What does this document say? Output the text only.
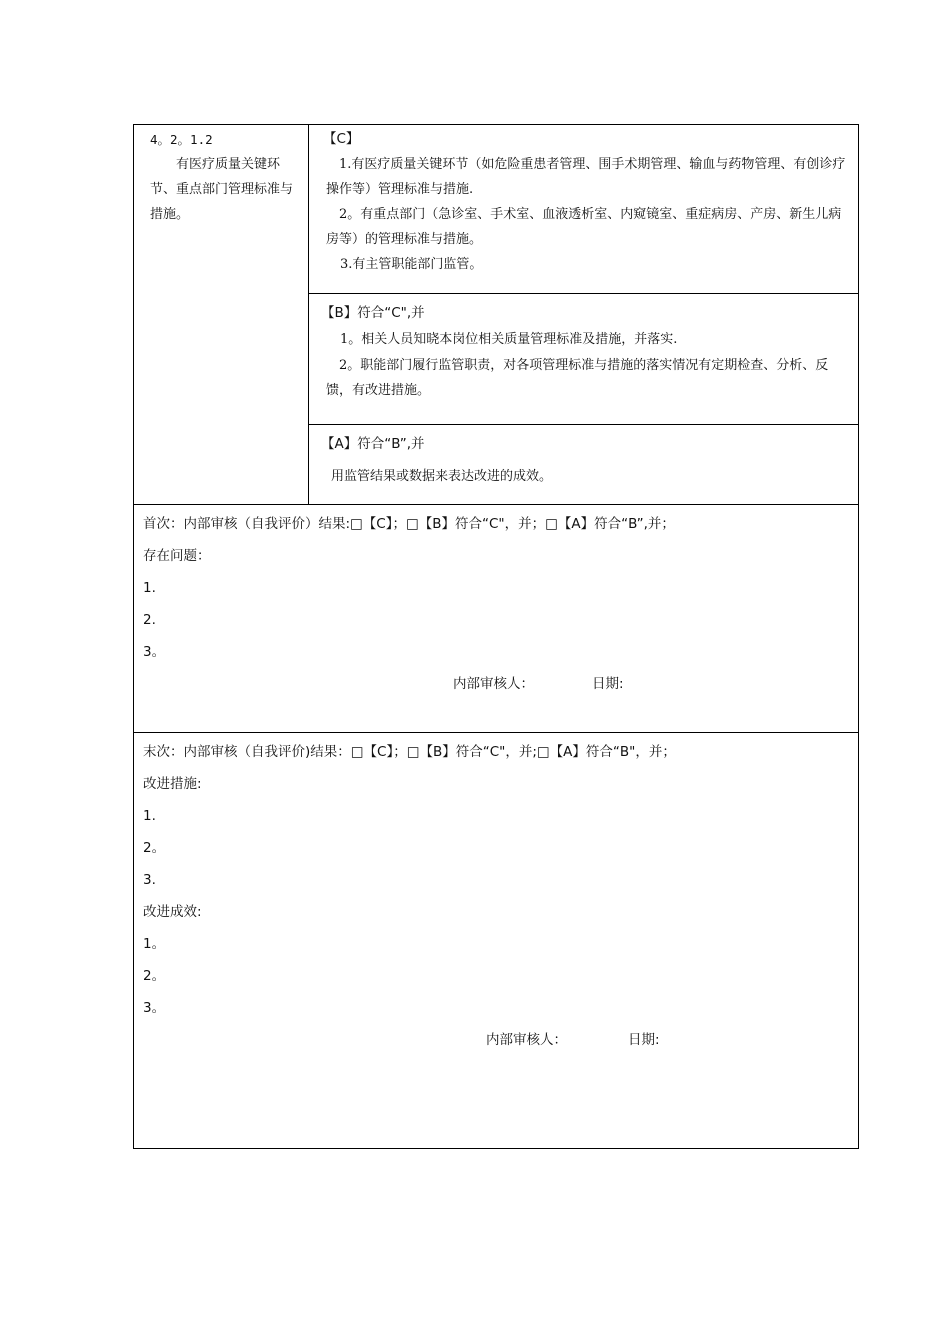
4。2。1.2
有医疗质量关键环节、重点部门管理标准与措施。
【C】
1.有医疗质量关键环节（如危险重患者管理、围手术期管理、输血与药物管理、有创诊疗操作等）管理标准与措施.
2。有重点部门（急诊室、手术室、血液透析室、内窥镜室、重症病房、产房、新生儿病房等）的管理标准与措施。
3.有主管职能部门监管。
【B】符合“C",并
1。相关人员知晓本岗位相关质量管理标准及措施，并落实.
2。职能部门履行监管职责，对各项管理标准与措施的落实情况有定期检查、分析、反馈，有改进措施。
【A】符合“B”,并
用监管结果或数据来表达改进的成效。
首次：内部审核（自我评价）结果:□【C】；□【B】符合“C"，并；□【A】符合“B”,并；
存在问题：
1.
2.
3。
内部审核人：	日期:
末次：内部审核（自我评价)结果：□【C】；□【B】符合“C"，并;□【A】符合“B"，并；
改进措施:
1.
2。
3.
改进成效:
1。
2。
3。
内部审核人：	日期:
